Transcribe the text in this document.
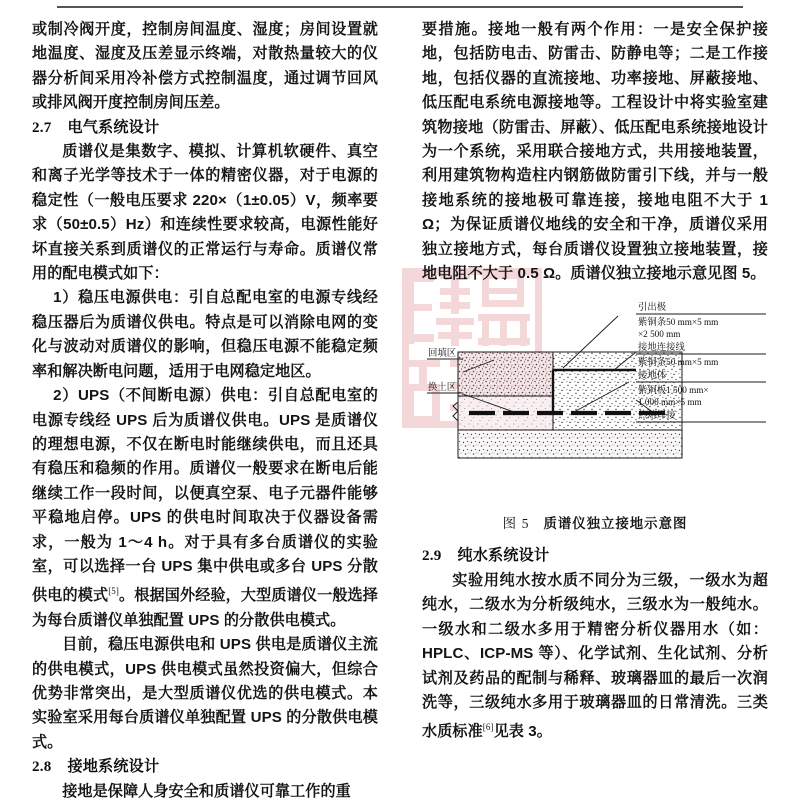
或制冷阀开度，控制房间温度、湿度；房间设置就地温度、湿度及压差显示终端，对散热量较大的仪器分析间采用冷补偿方式控制温度，通过调节回风或排风阀开度控制房间压差。

2.7 电气系统设计

质谱仪是集数字、模拟、计算机软硬件、真空和离子光学等技术于一体的精密仪器，对于电源的稳定性（一般电压要求 220×（1±0.05）V，频率要求（50±0.5）Hz）和连续性要求较高，电源性能好坏直接关系到质谱仪的正常运行与寿命。质谱仪常用的配电模式如下：

1）稳压电源供电：引自总配电室的电源专线经稳压器后为质谱仪供电。特点是可以消除电网的变化与波动对质谱仪的影响，但稳压电源不能稳定频率和解决断电问题，适用于电网稳定地区。

2）UPS（不间断电源）供电：引自总配电室的电源专线经 UPS 后为质谱仪供电。UPS 是质谱仪的理想电源，不仅在断电时能继续供电，而且还具有稳压和稳频的作用。质谱仪一般要求在断电后能继续工作一段时间，以便真空泵、电子元器件能够平稳地启停。UPS 的供电时间取决于仪器设备需求，一般为 1～4 h。对于具有多台质谱仪的实验室，可以选择一台 UPS 集中供电或多台 UPS 分散供电的模式[5]。根据国外经验，大型质谱仪一般选择为每台质谱仪单独配置 UPS 的分散供电模式。

目前，稳压电源供电和 UPS 供电是质谱仪主流的供电模式，UPS 供电模式虽然投资偏大，但综合优势非常突出，是大型质谱仪优选的供电模式。本实验室采用每台质谱仪单独配置 UPS 的分散供电模式。

2.8 接地系统设计

接地是保障人身安全和质谱仪可靠工作的重

要措施。接地一般有两个作用：一是安全保护接地，包括防电击、防雷击、防静电等；二是工作接地，包括仪器的直流接地、功率接地、屏蔽接地、低压配电系统电源接地等。工程设计中将实验室建筑物接地（防雷击、屏蔽）、低压配电系统接地设计为一个系统，采用联合接地方式，共用接地装置，利用建筑物构造柱内钢筋做防雷引下线，并与一般接地系统的接地极可靠连接，接地电阻不大于 1 Ω；为保证质谱仪地线的安全和干净，质谱仪采用独立接地方式，每台质谱仪设置独立接地装置，接地电阻不大于 0.5 Ω。质谱仪独立接地示意见图 5。

回填区
换土区
引出极
紫铜条50 mm×5 mm
×2 500 mm
接地连接线
紫铜条50 mm×5 mm
接地体
紫铜板1 500 mm×
1 000 mm×5 mm
热熔焊接
图 5 质谱仪独立接地示意图
2.9 纯水系统设计

实验用纯水按水质不同分为三级，一级水为超纯水，二级水为分析级纯水，三级水为一般纯水。一级水和二级水多用于精密分析仪器用水（如：HPLC、ICP-MS 等）、化学试剂、生化试剂、分析试剂及药品的配制与稀释、玻璃器皿的最后一次润洗等，三级纯水多用于玻璃器皿的日常清洗。三类水质标准[6]见表 3。
